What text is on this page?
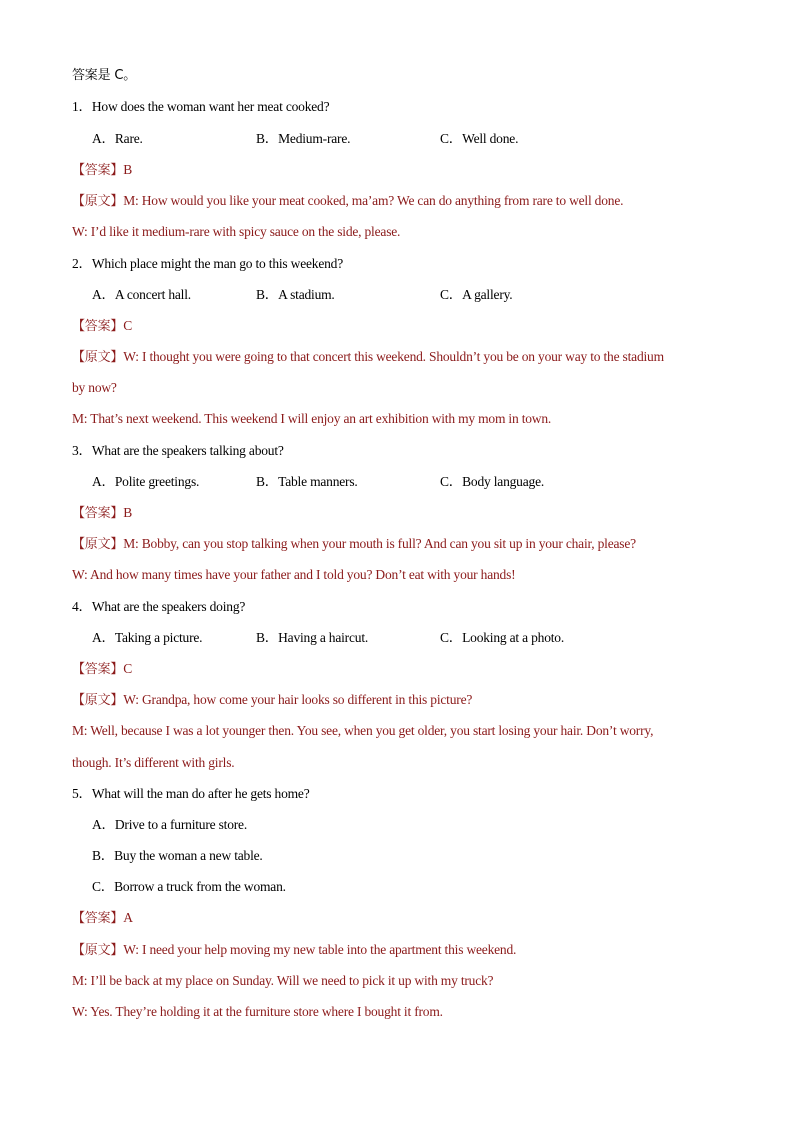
答案是 C。
1．How does the woman want her meat cooked?
A．Rare.	B．Medium-rare.	C．Well done.
【答案】B
【原文】M: How would you like your meat cooked, ma’am? We can do anything from rare to well done.
W: I’d like it medium-rare with spicy sauce on the side, please.
2．Which place might the man go to this weekend?
A．A concert hall.	B．A stadium.	C．A gallery.
【答案】C
【原文】W: I thought you were going to that concert this weekend. Shouldn’t you be on your way to the stadium
by now?
M: That’s next weekend. This weekend I will enjoy an art exhibition with my mom in town.
3．What are the speakers talking about?
A．Polite greetings.	B．Table manners.	C．Body language.
【答案】B
【原文】M: Bobby, can you stop talking when your mouth is full? And can you sit up in your chair, please?
W: And how many times have your father and I told you? Don’t eat with your hands!
4．What are the speakers doing?
A．Taking a picture.	B．Having a haircut.	C．Looking at a photo.
【答案】C
【原文】W: Grandpa, how come your hair looks so different in this picture?
M: Well, because I was a lot younger then. You see, when you get older, you start losing your hair. Don’t worry,
though. It’s different with girls.
5．What will the man do after he gets home?
A．Drive to a furniture store.
B．Buy the woman a new table.
C．Borrow a truck from the woman.
【答案】A
【原文】W: I need your help moving my new table into the apartment this weekend.
M: I’ll be back at my place on Sunday. Will we need to pick it up with my truck?
W: Yes. They’re holding it at the furniture store where I bought it from.
